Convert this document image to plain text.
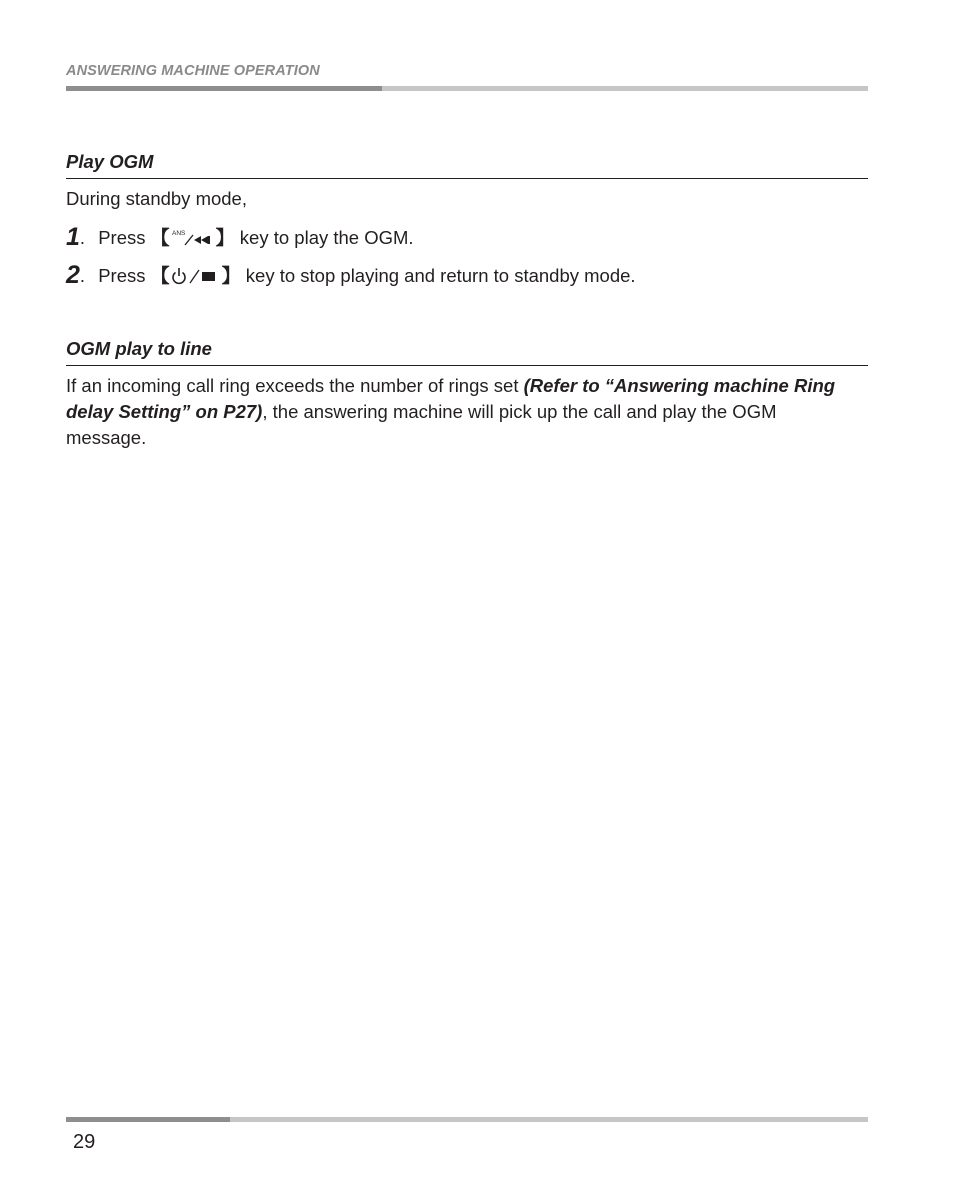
ANSWERING MACHINE OPERATION
Play OGM
During standby mode,
1. Press 【 ANS 】 key to play the OGM.
2. Press 【	】 key to stop playing and return to standby mode.
OGM play to line
If an incoming call ring exceeds the number of rings set (Refer to “Answering machine Ring delay Setting” on P27), the answering machine will pick up the call and play the OGM message.
29
